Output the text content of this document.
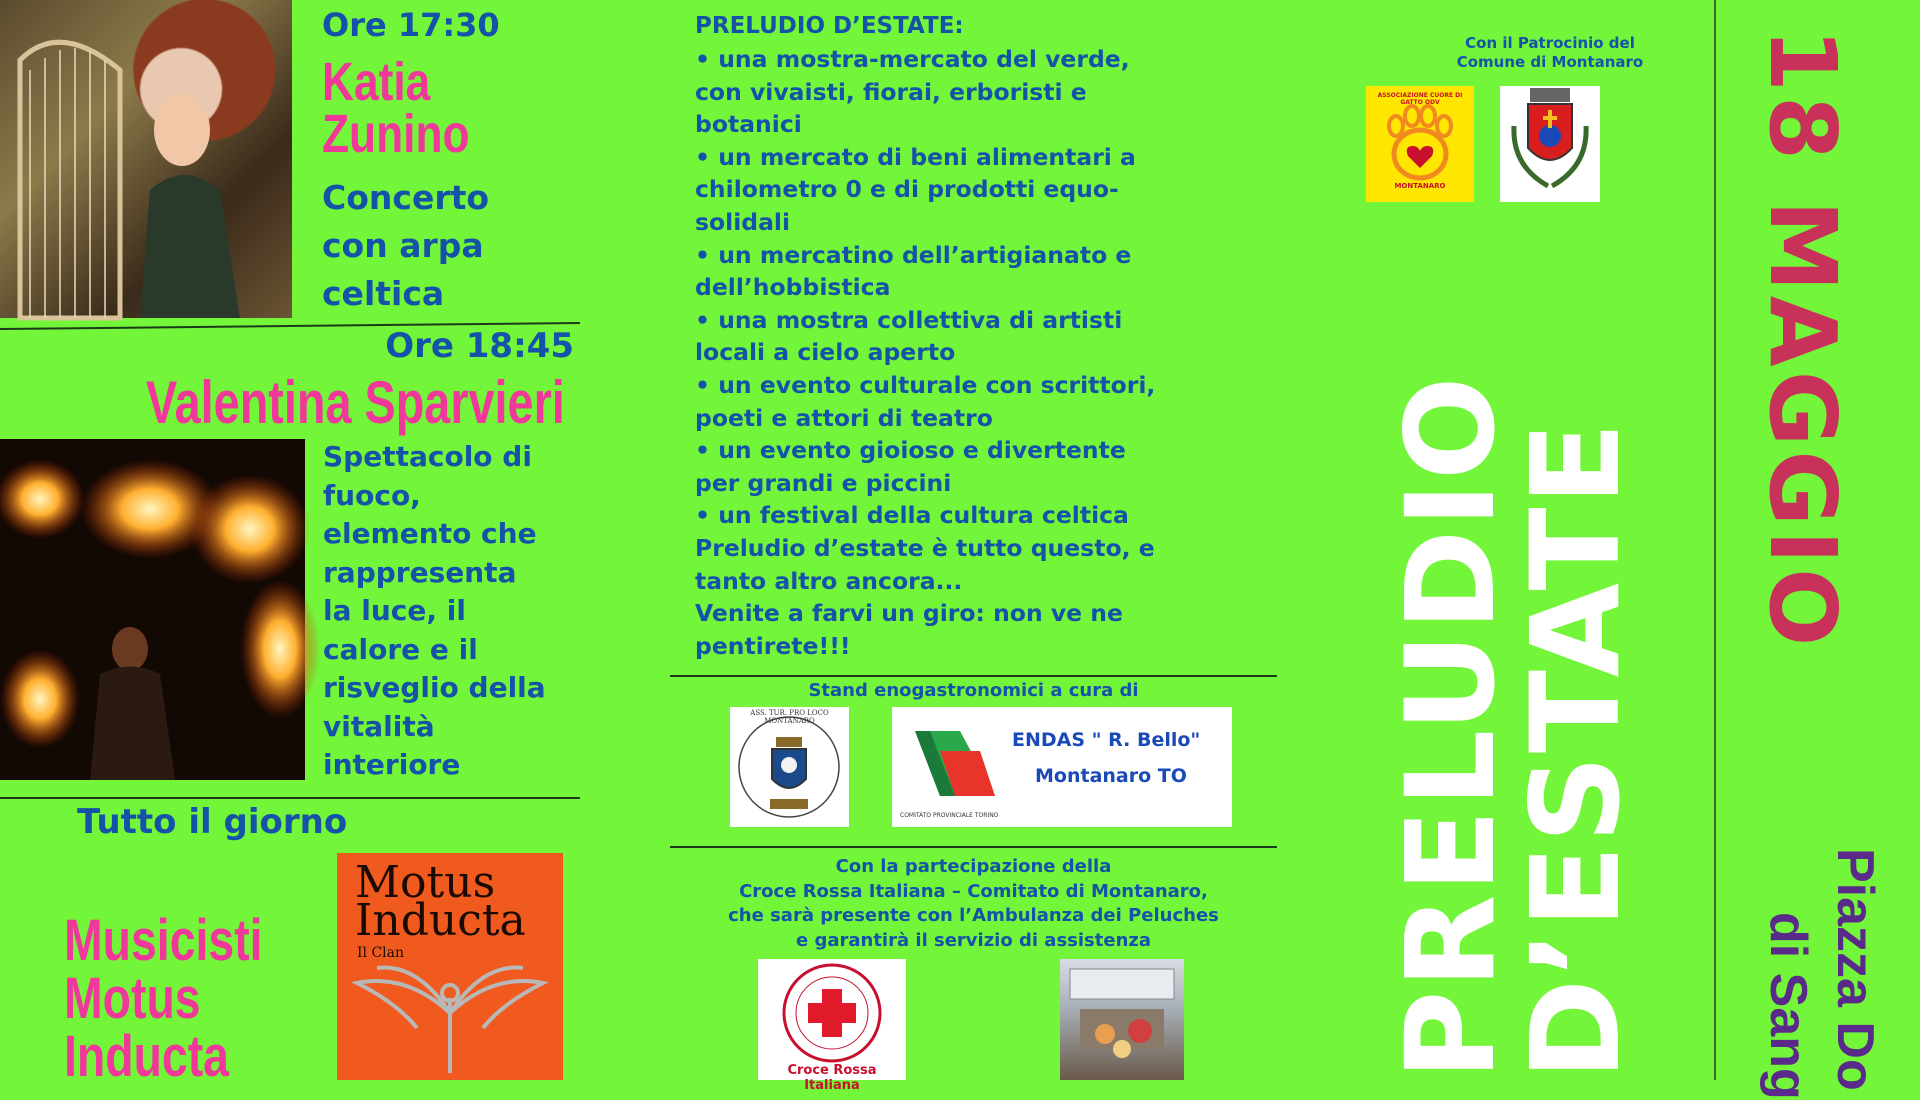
Ore 17:30
Katia
Zunino
Concerto
con arpa
celtica
Ore 18:45
Valentina Sparvieri
Spettacolo di
fuoco,
elemento che
rappresenta
la luce, il
calore e il
risveglio della
vitalità
interiore
Tutto il giorno
Musicisti
Motus
Inducta
Motus
Inducta
Il Clan
PRELUDIO D’ESTATE:
• una mostra-mercato del verde,
con vivaisti, fiorai, erboristi e
botanici
• un mercato di beni alimentari a
chilometro 0 e di prodotti equo-
solidali
• un mercatino dell’artigianato e
dell’hobbistica
• una mostra collettiva di artisti
locali a cielo aperto
• un evento culturale con scrittori,
poeti e attori di teatro
• un evento gioioso e divertente
per grandi e piccini
• un festival della cultura celtica
Preludio d’estate è tutto questo, e
tanto altro ancora...
Venite a farvi un giro: non ve ne
pentirete!!!
Stand enogastronomici a cura di
ASS. TUR. PRO LOCO MONTANARO
COMITATO PROVINCIALE TORINO
ENDAS " R. Bello"
Montanaro TO
Con la partecipazione della
Croce Rossa Italiana – Comitato di Montanaro,
che sarà presente con l’Ambulanza dei Peluches
e garantirà il servizio di assistenza
Croce Rossa Italiana
Con il Patrocinio del
Comune di Montanaro
ASSOCIAZIONE CUORE DI GATTO ODV
MONTANARO
PRELUDIO
D’ESTATE
18 MAGGIO
Piazza Do
di Sang
